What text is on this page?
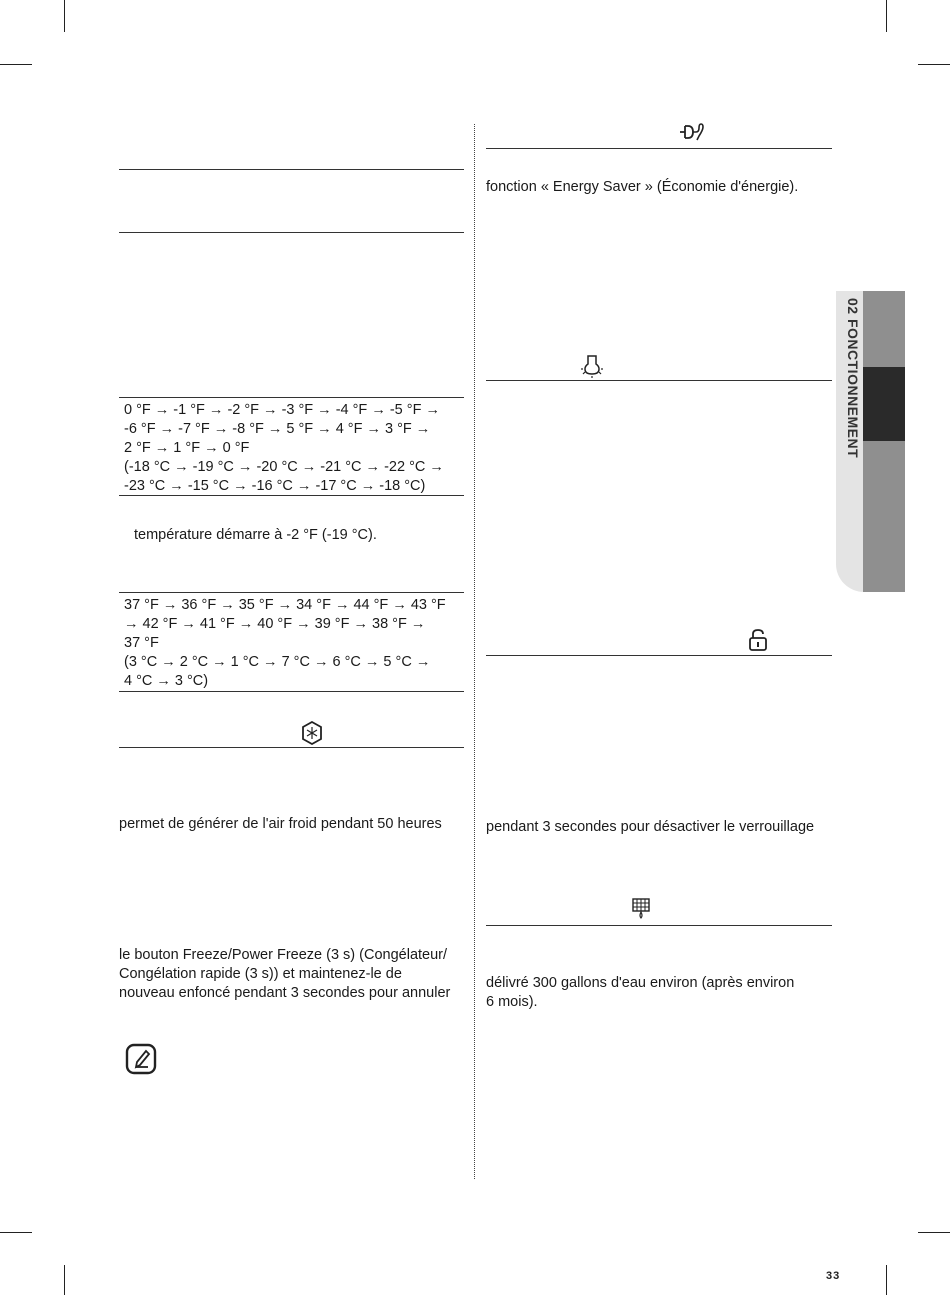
02 FONCTIONNEMENT
0 °F → -1 °F → -2 °F → -3 °F → -4 °F → -5 °F →
-6 °F → -7 °F → -8 °F → 5 °F → 4 °F → 3 °F →
2 °F → 1 °F → 0 °F
(-18 °C → -19 °C → -20 °C → -21 °C → -22 °C →
-23 °C → -15 °C → -16 °C → -17 °C → -18 °C)
température démarre à -2 °F (-19 °C).
37 °F → 36 °F → 35 °F → 34 °F → 44 °F → 43 °F
→ 42 °F → 41 °F → 40 °F → 39 °F → 38 °F →
37 °F
(3 °C → 2 °C → 1 °C → 7 °C → 6 °C → 5 °C →
4 °C → 3 °C)
permet de générer de l'air froid pendant 50 heures
le bouton Freeze/Power Freeze (3 s) (Congélateur/
Congélation rapide (3 s)) et maintenez-le de
nouveau enfoncé pendant 3 secondes pour annuler
fonction « Energy Saver » (Économie d'énergie).
pendant 3 secondes pour désactiver le verrouillage
délivré 300 gallons d'eau environ (après environ
6 mois).
33
